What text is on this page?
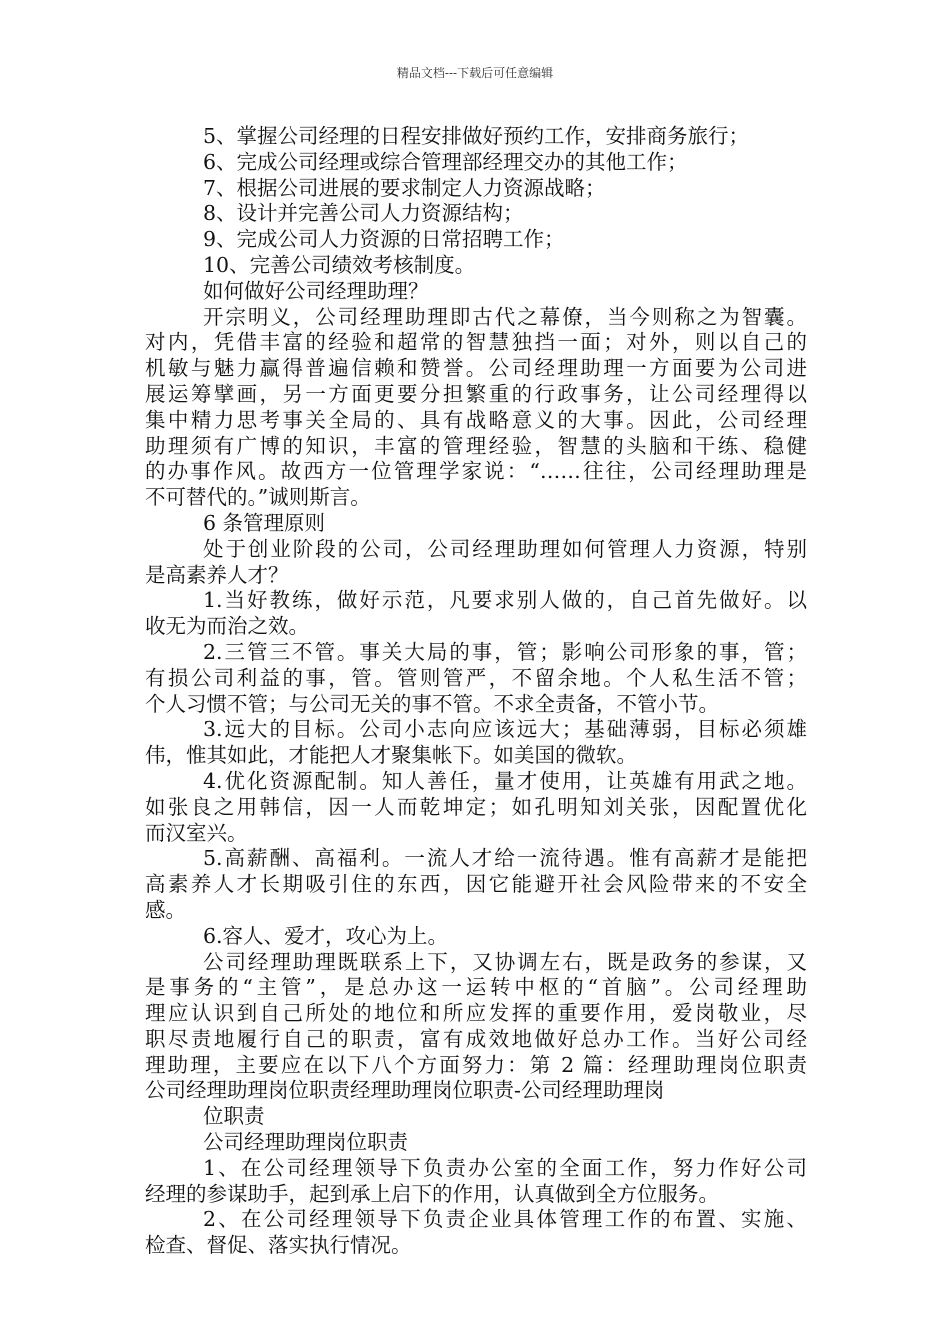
精品文档---下载后可任意编辑
5、掌握公司经理的日程安排做好预约工作，安排商务旅行；
6、完成公司经理或综合管理部经理交办的其他工作；
7、根据公司进展的要求制定人力资源战略；
8、设计并完善公司人力资源结构；
9、完成公司人力资源的日常招聘工作；
10、完善公司绩效考核制度。
如何做好公司经理助理？
开宗明义，公司经理助理即古代之幕僚，当今则称之为智囊。
对内，凭借丰富的经验和超常的智慧独挡一面；对外，则以自己的
机敏与魅力赢得普遍信赖和赞誉。公司经理助理一方面要为公司进
展运筹擘画，另一方面更要分担繁重的行政事务，让公司经理得以
集中精力思考事关全局的、具有战略意义的大事。因此，公司经理
助理须有广博的知识，丰富的管理经验，智慧的头脑和干练、稳健
的办事作风。故西方一位管理学家说：“……往往，公司经理助理是
不可替代的。”诚则斯言。
6 条管理原则
处于创业阶段的公司，公司经理助理如何管理人力资源，特别
是高素养人才？
1.当好教练，做好示范，凡要求别人做的，自己首先做好。以
收无为而治之效。
2.三管三不管。事关大局的事，管；影响公司形象的事，管；
有损公司利益的事，管。管则管严，不留余地。个人私生活不管；
个人习惯不管；与公司无关的事不管。不求全责备，不管小节。
3.远大的目标。公司小志向应该远大；基础薄弱，目标必须雄
伟，惟其如此，才能把人才聚集帐下。如美国的微软。
4.优化资源配制。知人善任，量才使用，让英雄有用武之地。
如张良之用韩信，因一人而乾坤定；如孔明知刘关张，因配置优化
而汉室兴。
5.高薪酬、高福利。一流人才给一流待遇。惟有高薪才是能把
高素养人才长期吸引住的东西，因它能避开社会风险带来的不安全
感。
6.容人、爱才，攻心为上。
公司经理助理既联系上下，又协调左右，既是政务的参谋，又
是事务的“主管”，是总办这一运转中枢的“首脑”。公司经理助
理应认识到自己所处的地位和所应发挥的重要作用，爱岗敬业，尽
职尽责地履行自己的职责，富有成效地做好总办工作。当好公司经
理助理，主要应在以下八个方面努力：第 2 篇：经理助理岗位职责
公司经理助理岗位职责经理助理岗位职责-公司经理助理岗
位职责
公司经理助理岗位职责
1、在公司经理领导下负责办公室的全面工作，努力作好公司
经理的参谋助手，起到承上启下的作用，认真做到全方位服务。
2、在公司经理领导下负责企业具体管理工作的布置、实施、
检查、督促、落实执行情况。
